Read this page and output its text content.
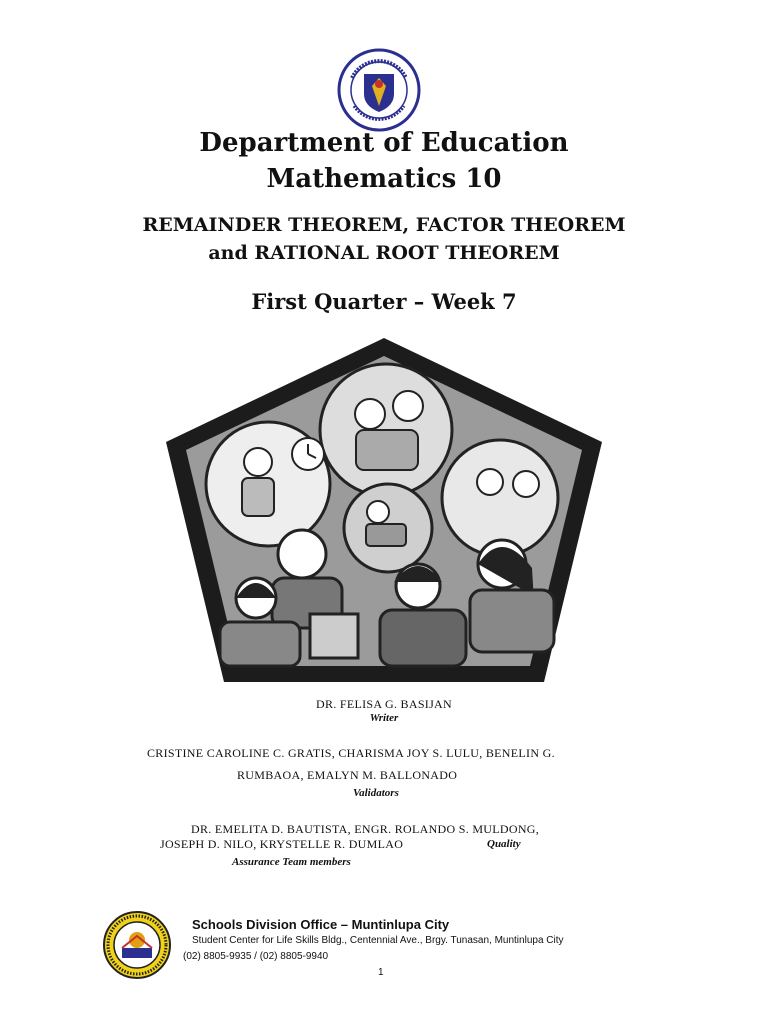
Department of Education
Mathematics 10
REMAINDER THEOREM, FACTOR THEOREM
and RATIONAL ROOT THEOREM
First Quarter – Week 7
DR. FELISA G. BASIJAN
Writer
CRISTINE CAROLINE C. GRATIS, CHARISMA JOY S. LULU, BENELIN G.
RUMBAOA, EMALYN M. BALLONADO
Validators
DR. EMELITA D. BAUTISTA, ENGR. ROLANDO S. MULDONG,
JOSEPH D. NILO, KRYSTELLE R. DUMLAO	Quality
Assurance Team members
Schools Division Office – Muntinlupa City
Student Center for Life Skills Bldg., Centennial Ave., Brgy. Tunasan, Muntinlupa City
(02) 8805-9935 / (02) 8805-9940
1
